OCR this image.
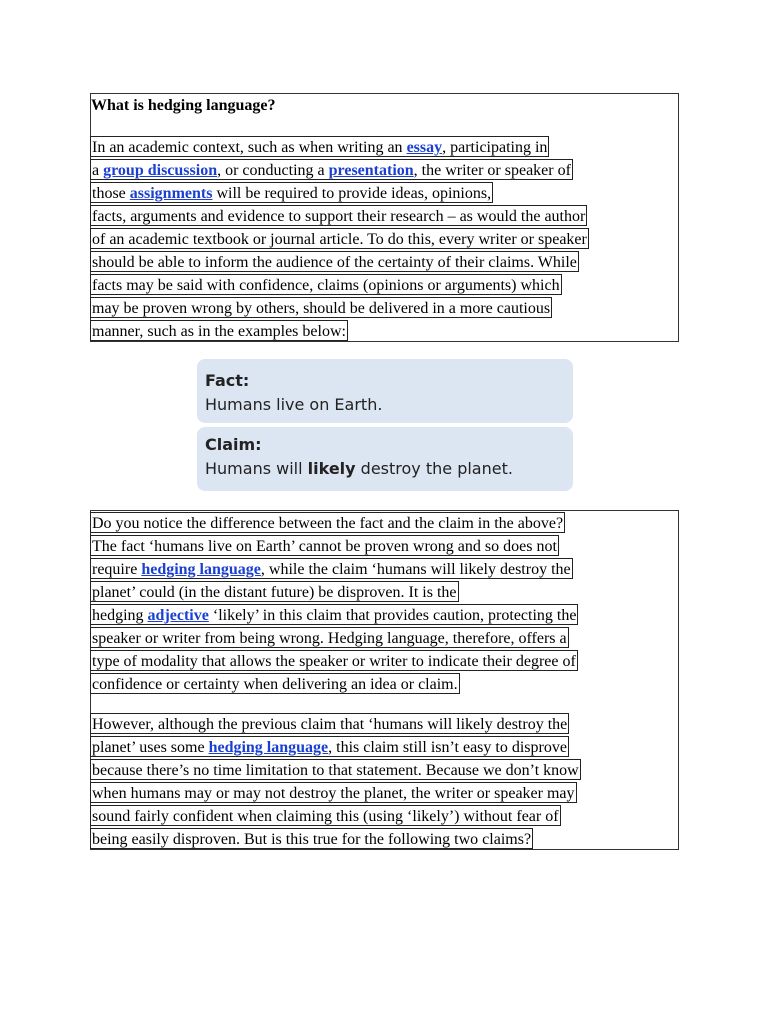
What is hedging language?
In an academic context, such as when writing an essay, participating in
a group discussion, or conducting a presentation, the writer or speaker of
those assignments will be required to provide ideas, opinions,
facts, arguments and evidence to support their research – as would the author
of an academic textbook or journal article. To do this, every writer or speaker
should be able to inform the audience of the certainty of their claims. While
facts may be said with confidence, claims (opinions or arguments) which
may be proven wrong by others, should be delivered in a more cautious
manner, such as in the examples below:
Fact:
Humans live on Earth.
Claim:
Humans will likely destroy the planet.
Do you notice the difference between the fact and the claim in the above?
The fact ‘humans live on Earth’ cannot be proven wrong and so does not
require hedging language, while the claim ‘humans will likely destroy the
planet’ could (in the distant future) be disproven. It is the
hedging adjective ‘likely’ in this claim that provides caution, protecting the
speaker or writer from being wrong. Hedging language, therefore, offers a
type of modality that allows the speaker or writer to indicate their degree of
confidence or certainty when delivering an idea or claim.
However, although the previous claim that ‘humans will likely destroy the
planet’ uses some hedging language, this claim still isn’t easy to disprove
because there’s no time limitation to that statement. Because we don’t know
when humans may or may not destroy the planet, the writer or speaker may
sound fairly confident when claiming this (using ‘likely’) without fear of
being easily disproven. But is this true for the following two claims?
